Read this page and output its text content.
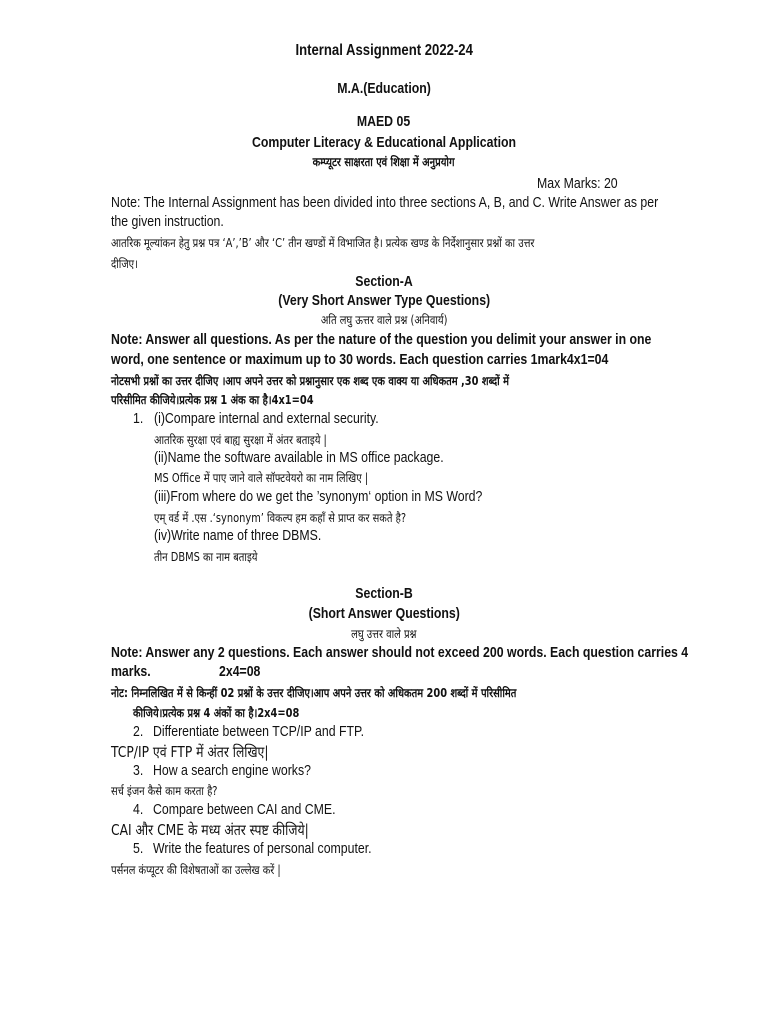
Internal Assignment 2022-24
M.A.(Education)
MAED 05
Computer Literacy & Educational Application
कम्प्यूटर साक्षरता एवं शिक्षा में अनुप्रयोग
Max Marks: 20
Note: The Internal Assignment has been divided into three sections A, B, and C. Write Answer as per
the given instruction.
आतरिक मूल्यांकन हेतु प्रश्न पत्र ‘A’,’B’ और ‘C’ तीन खण्डों में विभाजित है। प्रत्येक खण्ड के निर्देशानुसार प्रश्नों का उत्तर
दीजिए।
Section-A
(Very Short Answer Type Questions)
अति लघु ऊत्तर वाले प्रश्न (अनिवार्य)
Note: Answer all questions. As per the nature of the question you delimit your answer in one
word, one sentence or maximum up to 30 words. Each question carries 1mark4x1=04
नोटसभी प्रश्नों का उत्तर दीजिए ।आप अपने उत्तर को प्रश्नानुसार एक शब्द एक वाक्य या अधिकतम ,30 शब्दों में
परिसीमित कीजिये।प्रत्येक प्रश्न 1 अंक का है।4x1=04
1. (i)Compare internal and external security.
आतरिक सुरक्षा एवं बाह्य सुरक्षा में अंतर बताइये |
(ii)Name the software available in MS office package.
MS Office में पाए जाने वाले सॉफ्टवेयरो का नाम लिखिए |
(iii)From where do we get the ’synonym‘ option in MS Word?
एम् वर्ड में .एस .‘synonym’ विकल्प हम कहाँ से प्राप्त कर सकते है?
(iv)Write name of three DBMS.
तीन DBMS का नाम बताइये
Section-B
(Short Answer Questions)
लघु उत्तर वाले प्रश्न
Note: Answer any 2 questions. Each answer should not exceed 200 words. Each question carries 4
marks.                    2x4=08
नोट: निम्नलिखित में से किन्हीं 02 प्रश्नों के उत्तर दीजिए।आप अपने उत्तर को अधिकतम 200 शब्दों में परिसीमित
कीजिये।प्रत्येक प्रश्न 4 अंकों का है।2x4=08
2. Differentiate between TCP/IP and FTP.
TCP/IP एवं FTP में अंतर लिखिए|
3. How a search engine works?
सर्च इंजन कैसे काम करता है?
4. Compare between CAI and CME.
CAI और CME के मध्य अंतर स्पष्ट कीजिये|
5. Write the features of personal computer.
पर्सनल कंप्यूटर की विशेषताओं का उल्लेख करें |
